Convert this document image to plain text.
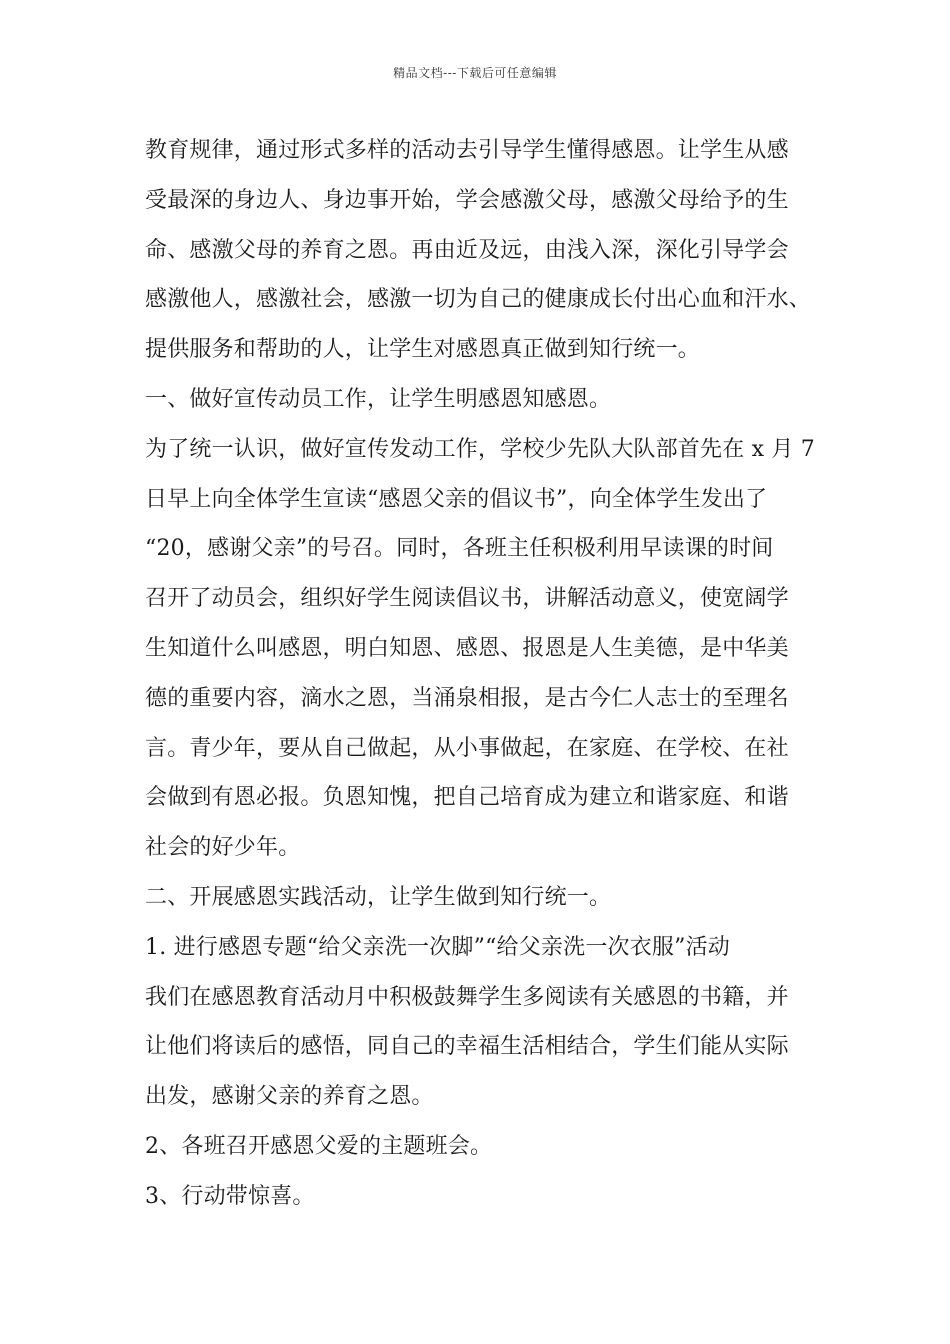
精品文档---下载后可任意编辑
教育规律，通过形式多样的活动去引导学生懂得感恩。让学生从感
受最深的身边人、身边事开始，学会感激父母，感激父母给予的生
命、感激父母的养育之恩。再由近及远，由浅入深，深化引导学会
感激他人，感激社会，感激一切为自己的健康成长付出心血和汗水、
提供服务和帮助的人，让学生对感恩真正做到知行统一。
一、做好宣传动员工作，让学生明感恩知感恩。
为了统一认识，做好宣传发动工作，学校少先队大队部首先在 x 月 7
日早上向全体学生宣读“感恩父亲的倡议书”，向全体学生发出了
“20，感谢父亲”的号召。同时，各班主任积极利用早读课的时间
召开了动员会，组织好学生阅读倡议书，讲解活动意义，使宽阔学
生知道什么叫感恩，明白知恩、感恩、报恩是人生美德，是中华美
德的重要内容，滴水之恩，当涌泉相报，是古今仁人志士的至理名
言。青少年，要从自己做起，从小事做起，在家庭、在学校、在社
会做到有恩必报。负恩知愧，把自己培育成为建立和谐家庭、和谐
社会的好少年。
二、开展感恩实践活动，让学生做到知行统一。
1. 进行感恩专题“给父亲洗一次脚”“给父亲洗一次衣服”活动
我们在感恩教育活动月中积极鼓舞学生多阅读有关感恩的书籍，并
让他们将读后的感悟，同自己的幸福生活相结合，学生们能从实际
出发，感谢父亲的养育之恩。
2、各班召开感恩父爱的主题班会。
3、行动带惊喜。
